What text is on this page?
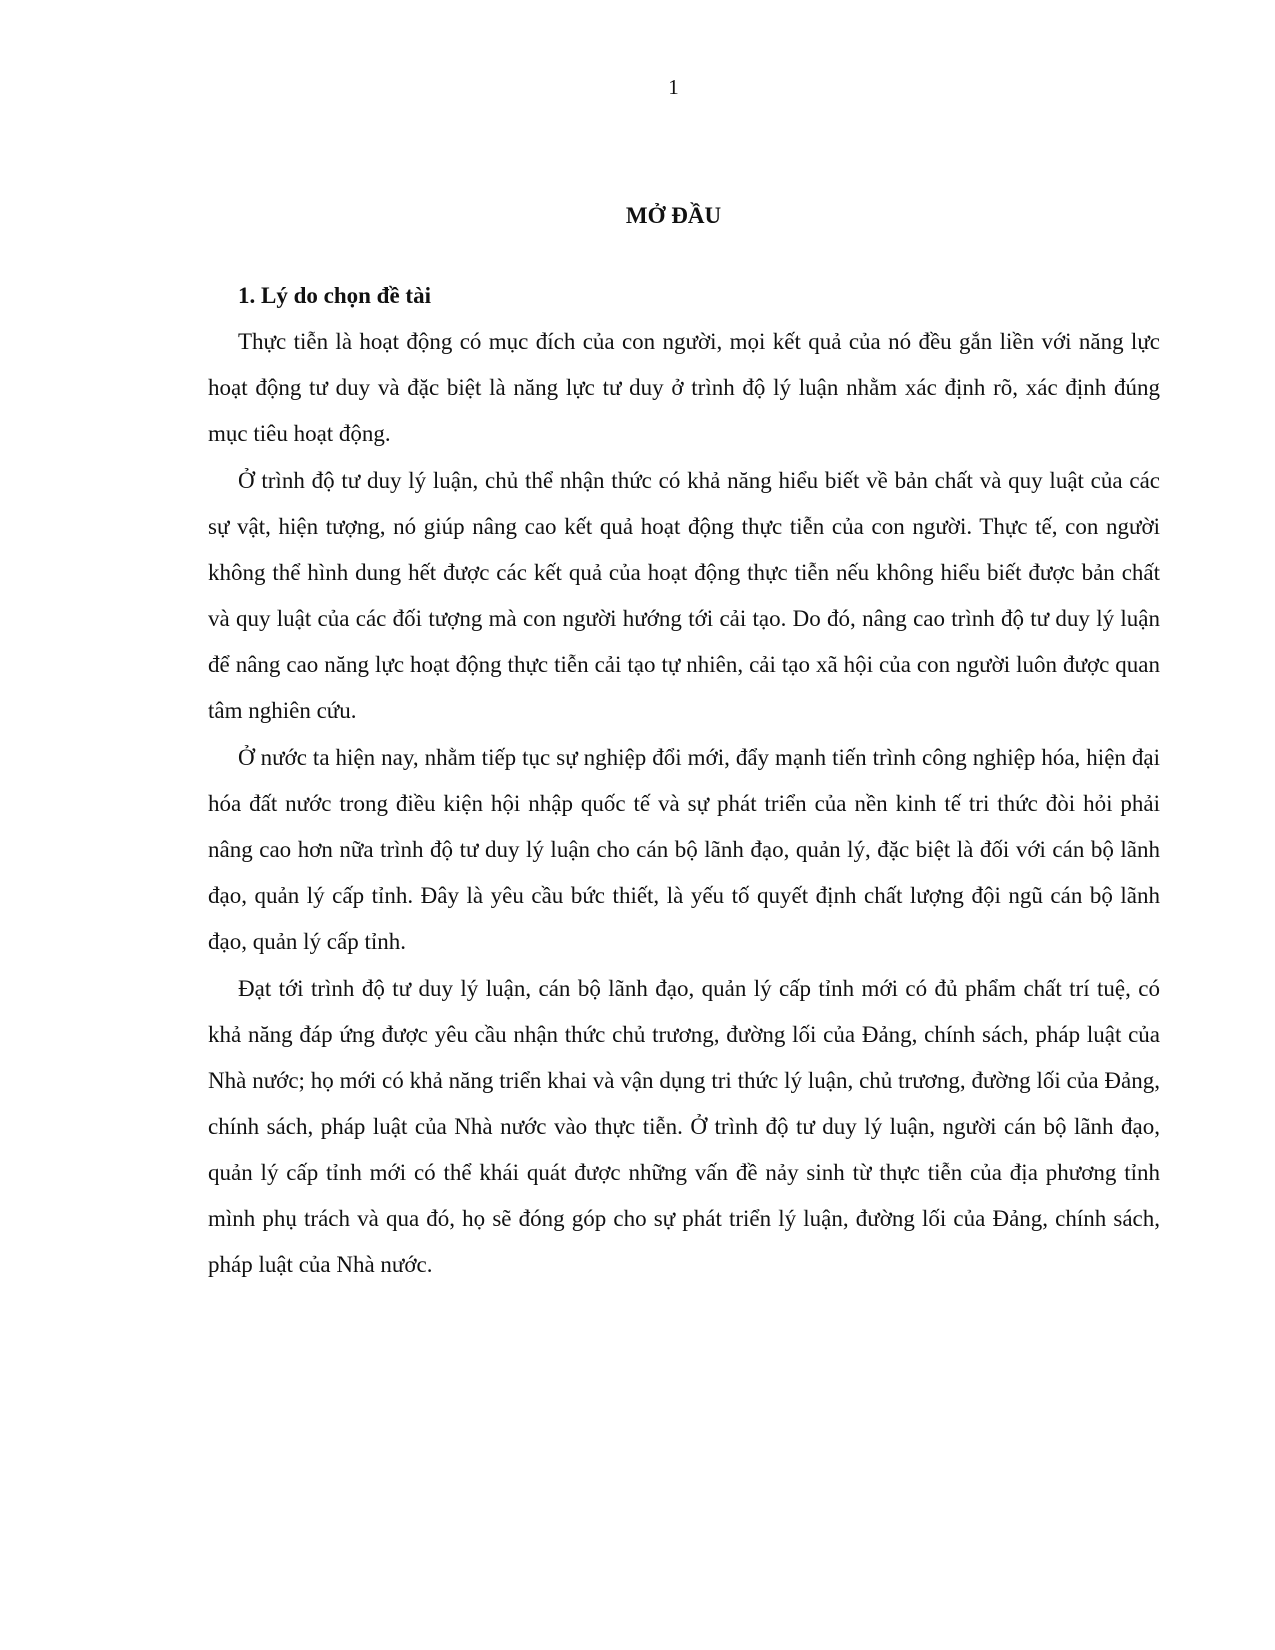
1
MỞ ĐẦU
1. Lý do chọn đề tài

Thực tiễn là hoạt động có mục đích của con người, mọi kết quả của nó đều gắn liền với năng lực hoạt động tư duy và đặc biệt là năng lực tư duy ở trình độ lý luận nhằm xác định rõ, xác định đúng mục tiêu hoạt động.

Ở trình độ tư duy lý luận, chủ thể nhận thức có khả năng hiểu biết về bản chất và quy luật của các sự vật, hiện tượng, nó giúp nâng cao kết quả hoạt động thực tiễn của con người. Thực tế, con người không thể hình dung hết được các kết quả của hoạt động thực tiễn nếu không hiểu biết được bản chất và quy luật của các đối tượng mà con người hướng tới cải tạo. Do đó, nâng cao trình độ tư duy lý luận để nâng cao năng lực hoạt động thực tiễn cải tạo tự nhiên, cải tạo xã hội của con người luôn được quan tâm nghiên cứu.

Ở nước ta hiện nay, nhằm tiếp tục sự nghiệp đổi mới, đẩy mạnh tiến trình công nghiệp hóa, hiện đại hóa đất nước trong điều kiện hội nhập quốc tế và sự phát triển của nền kinh tế tri thức đòi hỏi phải nâng cao hơn nữa trình độ tư duy lý luận cho cán bộ lãnh đạo, quản lý, đặc biệt là đối với cán bộ lãnh đạo, quản lý cấp tỉnh. Đây là yêu cầu bức thiết, là yếu tố quyết định chất lượng đội ngũ cán bộ lãnh đạo, quản lý cấp tỉnh.

Đạt tới trình độ tư duy lý luận, cán bộ lãnh đạo, quản lý cấp tỉnh mới có đủ phẩm chất trí tuệ, có khả năng đáp ứng được yêu cầu nhận thức chủ trương, đường lối của Đảng, chính sách, pháp luật của Nhà nước; họ mới có khả năng triển khai và vận dụng tri thức lý luận, chủ trương, đường lối của Đảng, chính sách, pháp luật của Nhà nước vào thực tiễn. Ở trình độ tư duy lý luận, người cán bộ lãnh đạo, quản lý cấp tỉnh mới có thể khái quát được những vấn đề nảy sinh từ thực tiễn của địa phương tỉnh mình phụ trách và qua đó, họ sẽ đóng góp cho sự phát triển lý luận, đường lối của Đảng, chính sách, pháp luật của Nhà nước.
